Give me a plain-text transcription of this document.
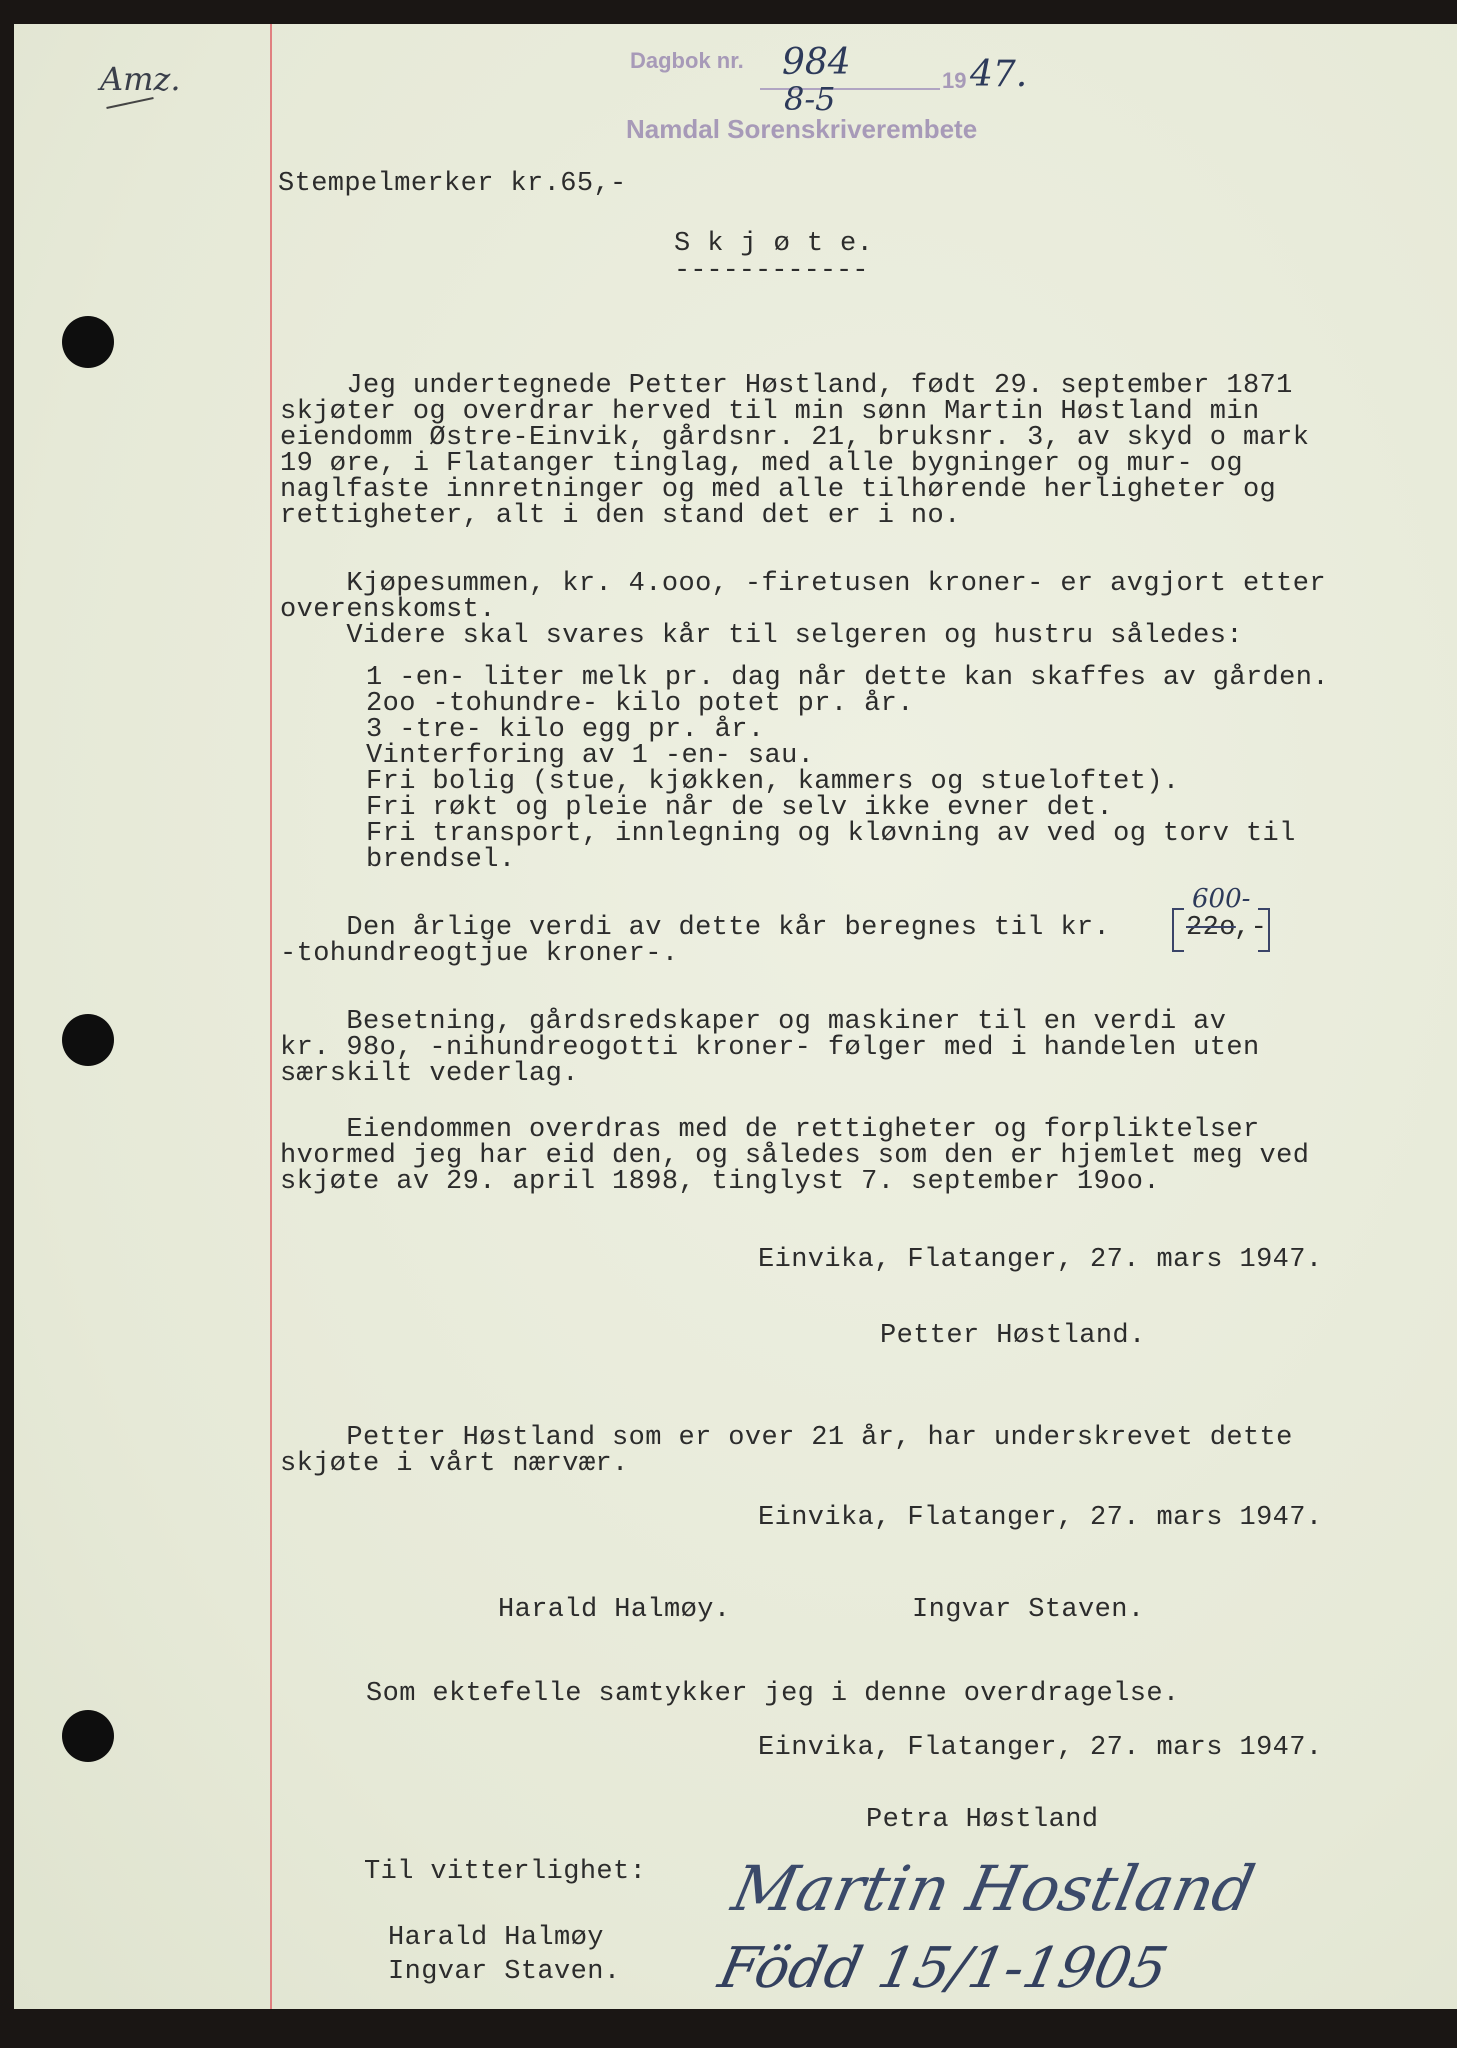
Amz.	Dagbok nr. 984
8-5	19 47.
Namdal Sorenskriverembete
Stempelmerker kr.65,-
S k j ø t e.
------------
Jeg undertegnede Petter Høstland, født 29. september 1871
skjøter og overdrar herved til min sønn Martin Høstland min
eiendomm Østre-Einvik, gårdsnr. 21, bruksnr. 3, av skyd o mark
19 øre, i Flatanger tinglag, med alle bygninger og mur- og
naglfaste innretninger og med alle tilhørende herligheter og
rettigheter, alt i den stand det er i no.
Kjøpesummen, kr. 4.ooo, -firetusen kroner- er avgjort etter
overenskomst.
Videre skal svares kår til selgeren og hustru således:
1 -en- liter melk pr. dag når dette kan skaffes av gården.
2oo -tohundre- kilo potet pr. år.
3 -tre- kilo egg pr. år.
Vinterforing av 1 -en- sau.
Fri bolig (stue, kjøkken, kammers og stueloftet).
Fri røkt og pleie når de selv ikke evner det.
Fri transport, innlegning og kløvning av ved og torv til
brendsel.
Den årlige verdi av dette kår beregnes til kr.	22o
,-
600-
-tohundreogtjue kroner-.
Besetning, gårdsredskaper og maskiner til en verdi av
kr. 98o, -nihundreogotti kroner- følger med i handelen uten
særskilt vederlag.
Eiendommen overdras med de rettigheter og forpliktelser
hvormed jeg har eid den, og således som den er hjemlet meg ved
skjøte av 29. april 1898, tinglyst 7. september 19oo.
Einvika, Flatanger, 27. mars 1947.
Petter Høstland.
Petter Høstland som er over 21 år, har underskrevet dette
skjøte i vårt nærvær.
Einvika, Flatanger, 27. mars 1947.
Harald Halmøy.	Ingvar Staven.
Som ektefelle samtykker jeg i denne overdragelse.
Einvika, Flatanger, 27. mars 1947.
Petra Høstland
Til vitterlighet:
Harald Halmøy
Ingvar Staven.
Martin Hostland
Född 15/1-1905
